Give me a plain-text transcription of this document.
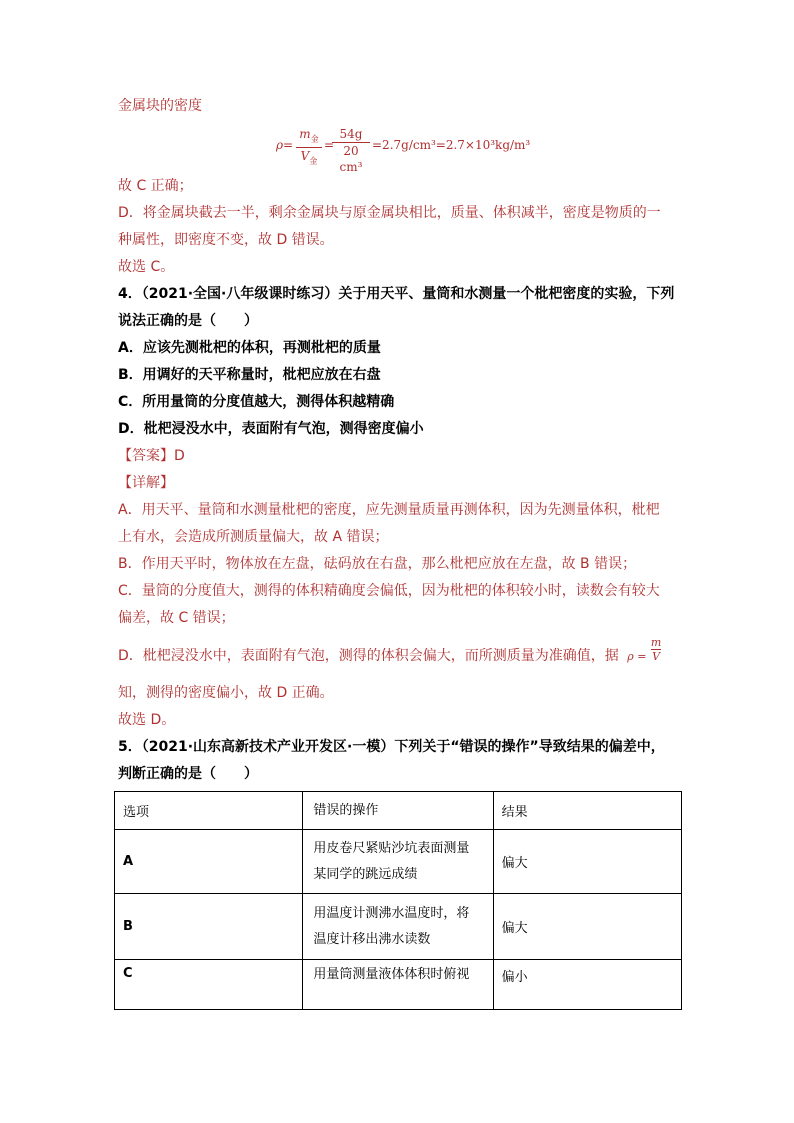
金属块的密度
ρ=
$m_金$
$V_金$
=
$\frac{54g}{\text{20 cm³}} =2.7g/cm^3=2.7\times 10^3kg/m^3$
故 C 正确；
D．将金属块截去一半，剩余金属块与原金属块相比，质量、体积减半，密度是物质的一
种属性，即密度不变，故 D 错误。
故选 C。
4．（2021·全国·八年级课时练习）关于用天平、量筒和水测量一个枇杷密度的实验，下列
说法正确的是（　　）
A．应该先测枇杷的体积，再测枇杷的质量
B．用调好的天平称量时，枇杷应放在右盘
C．所用量筒的分度值越大，测得体积越精确
D．枇杷浸没水中，表面附有气泡，测得密度偏小
【答案】D
【详解】
A．用天平、量筒和水测量枇杷的密度，应先测量质量再测体积，因为先测量体积，枇杷
上有水，会造成所测质量偏大，故 A 错误；
B．作用天平时，物体放在左盘，砝码放在右盘，那么枇杷应放在左盘，故 B 错误；
C．量筒的分度值大，测得的体积精确度会偏低，因为枇杷的体积较小时，读数会有较大
偏差，故 C 错误；
D．枇杷浸没水中，表面附有气泡，测得的体积会偏大，而所测质量为准确值，据 $\rho = \frac{m}{V}$
知，测得的密度偏小，故 D 正确。
故选 D。
5．（2021·山东高新技术产业开发区·一模）下列关于“错误的操作”导致结果的偏差中，
判断正确的是（　　）
选项	错误的操作	结果
A	用皮卷尺紧贴沙坑表面测量
某同学的跳远成绩	偏大
B	用温度计测沸水温度时，将
温度计移出沸水读数	偏大
C	用量筒测量液体体积时俯视	偏小
